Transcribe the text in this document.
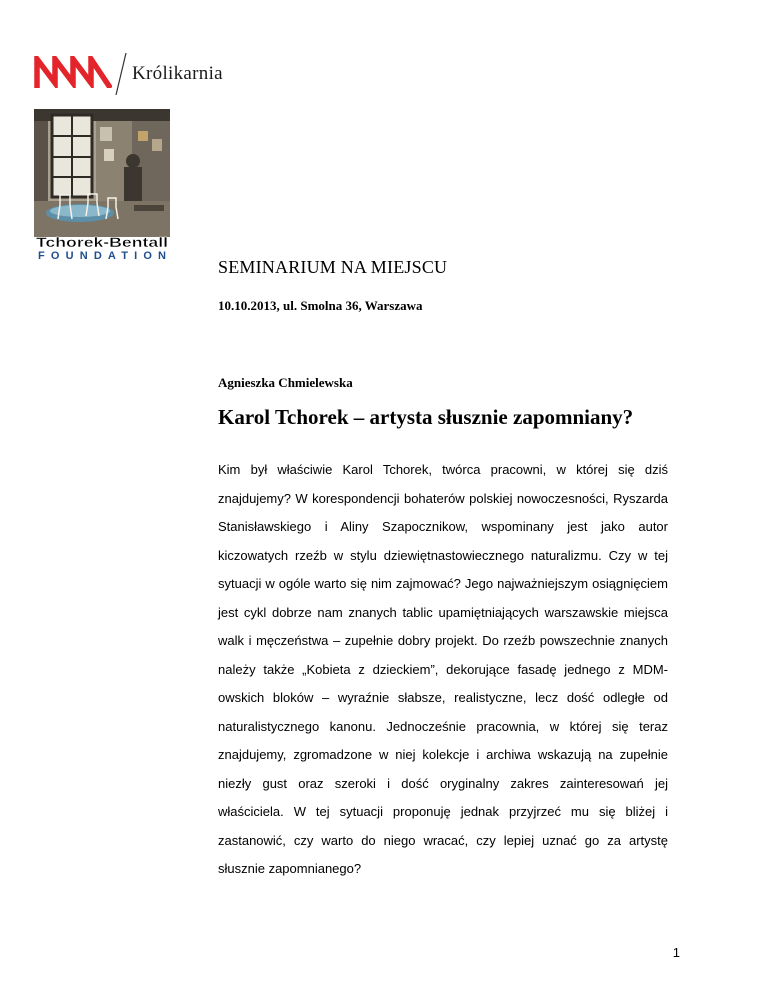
Królikarnia
Tchorek-Bentall
FOUNDATION
SEMINARIUM NA MIEJSCU

10.10.2013, ul. Smolna 36, Warszawa

Agnieszka Chmielewska

Karol Tchorek – artysta słusznie zapomniany?

Kim był właściwie Karol Tchorek, twórca pracowni, w której się dziś znajdujemy? W korespondencji bohaterów polskiej nowoczesności, Ryszarda Stanisławskiego i Aliny Szapocznikow, wspominany jest jako autor kiczowatych rzeźb w stylu dziewiętnastowiecznego naturalizmu. Czy w tej sytuacji w ogóle warto się nim zajmować? Jego najważniejszym osiągnięciem jest cykl dobrze nam znanych tablic upamiętniających warszawskie miejsca walk i męczeństwa – zupełnie dobry projekt. Do rzeźb powszechnie znanych należy także „Kobieta z dzieckiem”, dekorujące fasadę jednego z MDM-owskich bloków – wyraźnie słabsze, realistyczne, lecz dość odległe od naturalistycznego kanonu. Jednocześnie pracownia, w której się teraz znajdujemy, zgromadzone w niej kolekcje i archiwa wskazują na zupełnie niezły gust oraz szeroki i dość oryginalny zakres zainteresowań jej właściciela. W tej sytuacji proponuję jednak przyjrzeć mu się bliżej i zastanowić, czy warto do niego wracać, czy lepiej uznać go za artystę słusznie zapomnianego?

1
